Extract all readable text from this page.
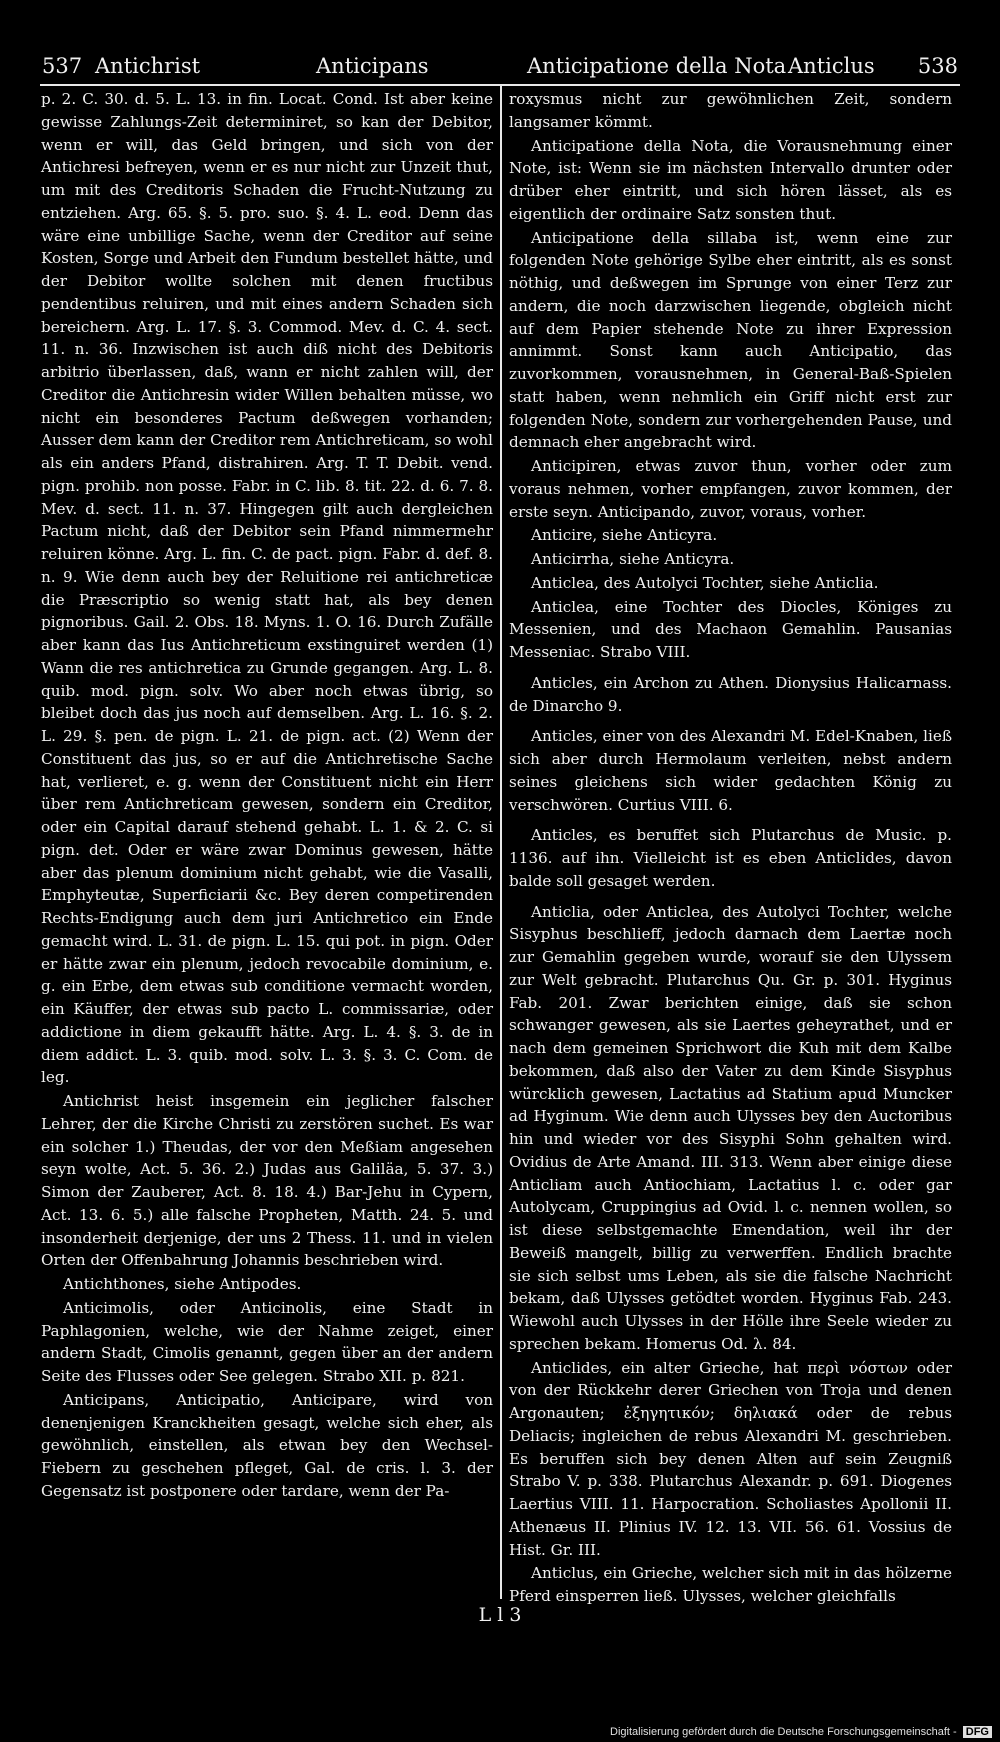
537 Antichrist	Anticipans	Anticipatione della Nota Anticlus 538

p. 2. C. 30. d. 5. L. 13. in fin. Locat. Cond. Ist aber keine gewisse Zahlungs-Zeit determiniret, so kan der Debitor, wenn er will, das Geld bringen, und sich von der Antichresi befreyen, wenn er es nur nicht zur Unzeit thut, um mit des Creditoris Schaden die Frucht-Nutzung zu entziehen. Arg. 65. §. 5. pro. suo. §. 4. L. eod. Denn das wäre eine unbillige Sache, wenn der Creditor auf seine Kosten, Sorge und Arbeit den Fundum bestellet hätte, und der Debitor wollte solchen mit denen fructibus pendentibus reluiren, und mit eines andern Schaden sich bereichern. Arg. L. 17. §. 3. Commod. Mev. d. C. 4. sect. 11. n. 36. Inzwischen ist auch diß nicht des Debitoris arbitrio überlassen, daß, wann er nicht zahlen will, der Creditor die Antichresin wider Willen behalten müsse, wo nicht ein besonderes Pactum deßwegen vorhanden; Ausser dem kann der Creditor rem Antichreticam, so wohl als ein anders Pfand, distrahiren. Arg. T. T. Debit. vend. pign. prohib. non posse. Fabr. in C. lib. 8. tit. 22. d. 6. 7. 8. Mev. d. sect. 11. n. 37. Hingegen gilt auch dergleichen Pactum nicht, daß der Debitor sein Pfand nimmermehr reluiren könne. Arg. L. fin. C. de pact. pign. Fabr. d. def. 8. n. 9. Wie denn auch bey der Reluitione rei antichreticæ die Præscriptio so wenig statt hat, als bey denen pignoribus. Gail. 2. Obs. 18. Myns. 1. O. 16. Durch Zufälle aber kann das Ius Antichreticum exstinguiret werden (1) Wann die res antichretica zu Grunde gegangen. Arg. L. 8. quib. mod. pign. solv. Wo aber noch etwas übrig, so bleibet doch das jus noch auf demselben. Arg. L. 16. §. 2. L. 29. §. pen. de pign. L. 21. de pign. act. (2) Wenn der Constituent das jus, so er auf die Antichretische Sache hat, verlieret, e. g. wenn der Constituent nicht ein Herr über rem Antichreticam gewesen, sondern ein Creditor, oder ein Capital darauf stehend gehabt. L. 1. & 2. C. si pign. det. Oder er wäre zwar Dominus gewesen, hätte aber das plenum dominium nicht gehabt, wie die Vasalli, Emphyteutæ, Superficiarii &c. Bey deren competirenden Rechts-Endigung auch dem juri Antichretico ein Ende gemacht wird. L. 31. de pign. L. 15. qui pot. in pign. Oder er hätte zwar ein plenum, jedoch revocabile dominium, e. g. ein Erbe, dem etwas sub conditione vermacht worden, ein Käuffer, der etwas sub pacto L. commissariæ, oder addictione in diem gekaufft hätte. Arg. L. 4. §. 3. de in diem addict. L. 3. quib. mod. solv. L. 3. §. 3. C. Com. de leg.

Antichrist heist insgemein ein jeglicher falscher Lehrer, der die Kirche Christi zu zerstören suchet. Es war ein solcher 1.) Theudas, der vor den Meßiam angesehen seyn wolte, Act. 5. 36. 2.) Judas aus Galiläa, 5. 37. 3.) Simon der Zauberer, Act. 8. 18. 4.) Bar-Jehu in Cypern, Act. 13. 6. 5.) alle falsche Propheten, Matth. 24. 5. und insonderheit derjenige, der uns 2 Thess. 11. und in vielen Orten der Offenbahrung Johannis beschrieben wird.

Antichthones, siehe Antipodes.

Anticimolis, oder Anticinolis, eine Stadt in Paphlagonien, welche, wie der Nahme zeiget, einer andern Stadt, Cimolis genannt, gegen über an der andern Seite des Flusses oder See gelegen. Strabo XII. p. 821.

Anticipans, Anticipatio, Anticipare, wird von denenjenigen Kranckheiten gesagt, welche sich eher, als gewöhnlich, einstellen, als etwan bey den Wechsel-Fiebern zu geschehen pfleget, Gal. de cris. l. 3. der Gegensatz ist postponere oder tardare, wenn der Pa-

roxysmus nicht zur gewöhnlichen Zeit, sondern langsamer kömmt.

Anticipatione della Nota, die Vorausnehmung einer Note, ist: Wenn sie im nächsten Intervallo drunter oder drüber eher eintritt, und sich hören lässet, als es eigentlich der ordinaire Satz sonsten thut.

Anticipatione della sillaba ist, wenn eine zur folgenden Note gehörige Sylbe eher eintritt, als es sonst nöthig, und deßwegen im Sprunge von einer Terz zur andern, die noch darzwischen liegende, obgleich nicht auf dem Papier stehende Note zu ihrer Expression annimmt. Sonst kann auch Anticipatio, das zuvorkommen, vorausnehmen, in General-Baß-Spielen statt haben, wenn nehmlich ein Griff nicht erst zur folgenden Note, sondern zur vorhergehenden Pause, und demnach eher angebracht wird.

Anticipiren, etwas zuvor thun, vorher oder zum voraus nehmen, vorher empfangen, zuvor kommen, der erste seyn. Anticipando, zuvor, voraus, vorher.

Anticire, siehe Anticyra.

Anticirrha, siehe Anticyra.

Anticlea, des Autolyci Tochter, siehe Anticlia.

Anticlea, eine Tochter des Diocles, Königes zu Messenien, und des Machaon Gemahlin. Pausanias Messeniac. Strabo VIII.

Anticles, ein Archon zu Athen. Dionysius Halicarnass. de Dinarcho 9.

Anticles, einer von des Alexandri M. Edel-Knaben, ließ sich aber durch Hermolaum verleiten, nebst andern seines gleichens sich wider gedachten König zu verschwören. Curtius VIII. 6.

Anticles, es beruffet sich Plutarchus de Music. p. 1136. auf ihn. Vielleicht ist es eben Anticlides, davon balde soll gesaget werden.

Anticlia, oder Anticlea, des Autolyci Tochter, welche Sisyphus beschlieff, jedoch darnach dem Laertæ noch zur Gemahlin gegeben wurde, worauf sie den Ulyssem zur Welt gebracht. Plutarchus Qu. Gr. p. 301. Hyginus Fab. 201. Zwar berichten einige, daß sie schon schwanger gewesen, als sie Laertes geheyrathet, und er nach dem gemeinen Sprichwort die Kuh mit dem Kalbe bekommen, daß also der Vater zu dem Kinde Sisyphus würcklich gewesen, Lactatius ad Statium apud Muncker ad Hyginum. Wie denn auch Ulysses bey den Auctoribus hin und wieder vor des Sisyphi Sohn gehalten wird. Ovidius de Arte Amand. III. 313. Wenn aber einige diese Anticliam auch Antiochiam, Lactatius l. c. oder gar Autolycam, Cruppingius ad Ovid. l. c. nennen wollen, so ist diese selbstgemachte Emendation, weil ihr der Beweiß mangelt, billig zu verwerffen. Endlich brachte sie sich selbst ums Leben, als sie die falsche Nachricht bekam, daß Ulysses getödtet worden. Hyginus Fab. 243. Wiewohl auch Ulysses in der Hölle ihre Seele wieder zu sprechen bekam. Homerus Od. λ. 84.

Anticlides, ein alter Grieche, hat περὶ νόστων oder von der Rückkehr derer Griechen von Troja und denen Argonauten; ἐξηγητικόν; δηλιακά oder de rebus Deliacis; ingleichen de rebus Alexandri M. geschrieben. Es beruffen sich bey denen Alten auf sein Zeugniß Strabo V. p. 338. Plutarchus Alexandr. p. 691. Diogenes Laertius VIII. 11. Harpocration. Scholiastes Apollonii II. Athenæus II. Plinius IV. 12. 13. VII. 56. 61. Vossius de Hist. Gr. III.

Anticlus, ein Grieche, welcher sich mit in das hölzerne Pferd einsperren ließ. Ulysses, welcher gleichfalls

L l 3
Digitalisierung gefördert durch die Deutsche Forschungsgemeinschaft - DFG
